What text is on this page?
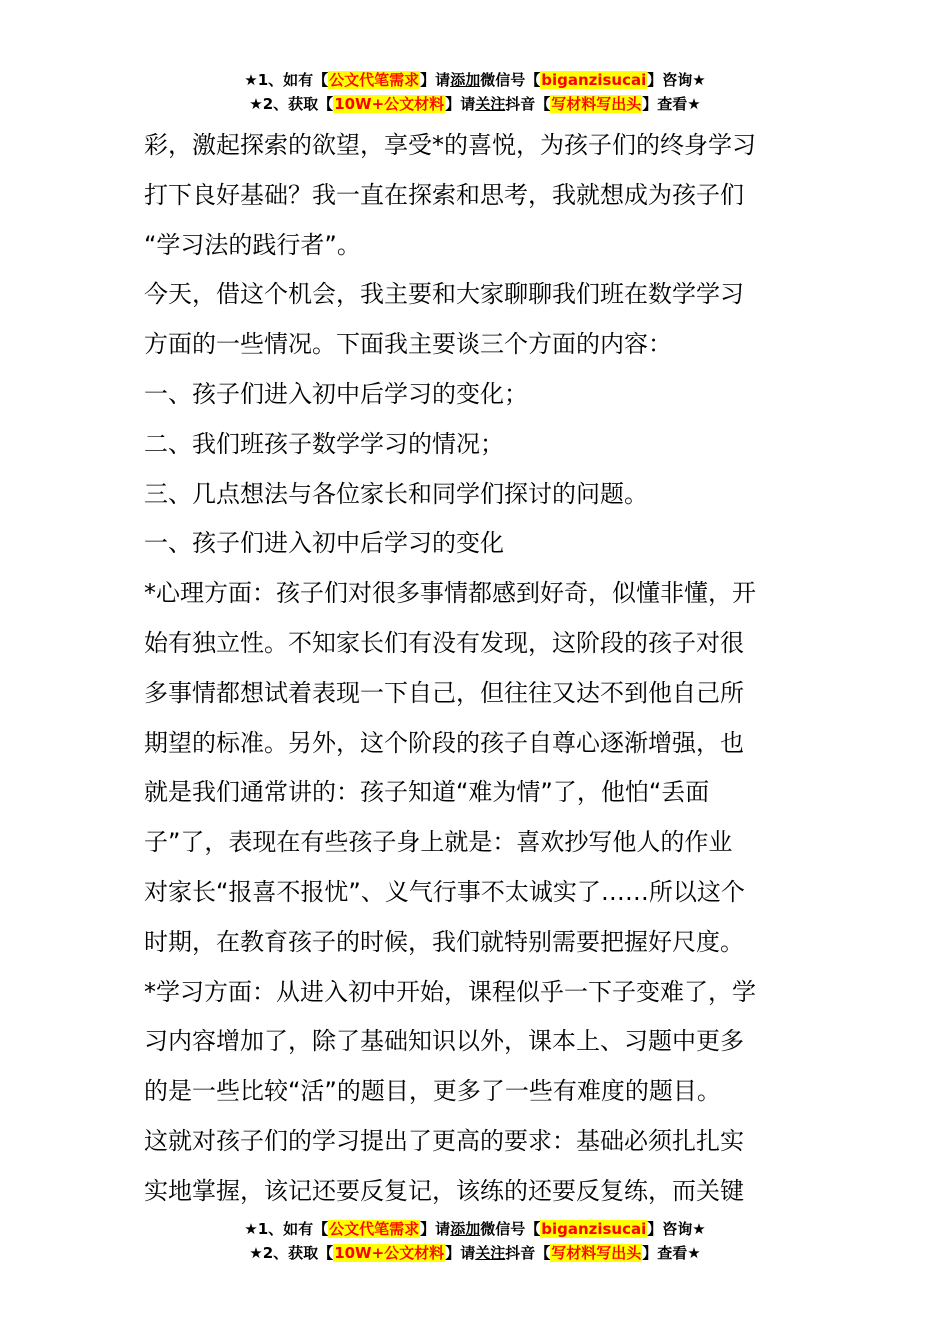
★1、如有【公文代笔需求】请添加微信号【biganzisucai】咨询★
★2、获取【10W+公文材料】请关注抖音【写材料写出头】查看★
彩，激起探索的欲望，享受*的喜悦，为孩子们的终身学习
打下良好基础？我一直在探索和思考，我就想成为孩子们
“学习法的践行者”。
今天，借这个机会，我主要和大家聊聊我们班在数学学习
方面的一些情况。下面我主要谈三个方面的内容：
一、孩子们进入初中后学习的变化；
二、我们班孩子数学学习的情况；
三、几点想法与各位家长和同学们探讨的问题。
一、孩子们进入初中后学习的变化
*心理方面：孩子们对很多事情都感到好奇，似懂非懂，开
始有独立性。不知家长们有没有发现，这阶段的孩子对很
多事情都想试着表现一下自己，但往往又达不到他自己所
期望的标准。另外，这个阶段的孩子自尊心逐渐增强，也
就是我们通常讲的：孩子知道“难为情”了，他怕“丢面
子”了，表现在有些孩子身上就是：喜欢抄写他人的作业
对家长“报喜不报忧”、义气行事不太诚实了……所以这个
时期，在教育孩子的时候，我们就特别需要把握好尺度。
*学习方面：从进入初中开始，课程似乎一下子变难了，学
习内容增加了，除了基础知识以外，课本上、习题中更多
的是一些比较“活”的题目，更多了一些有难度的题目。
这就对孩子们的学习提出了更高的要求：基础必须扎扎实
实地掌握，该记还要反复记，该练的还要反复练，而关键
★1、如有【公文代笔需求】请添加微信号【biganzisucai】咨询★
★2、获取【10W+公文材料】请关注抖音【写材料写出头】查看★
